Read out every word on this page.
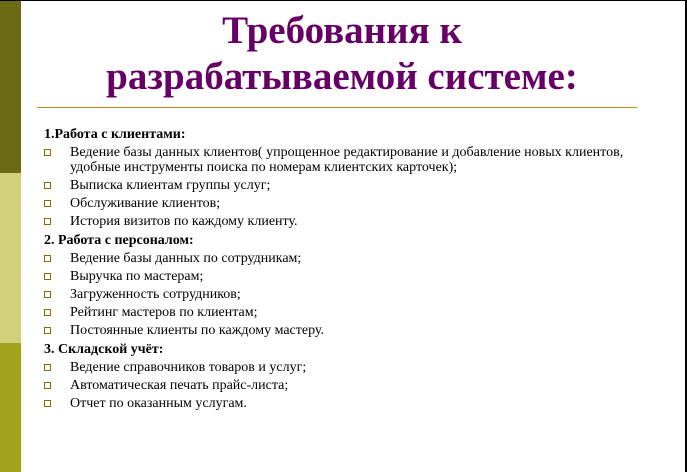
Требования к
разрабатываемой системе:

1.Работа с клиентами:

Ведение базы данных клиентов( упрощенное редактирование и добавление новых клиентов, удобные инструменты поиска по номерам клиентских карточек);
Выписка клиентам группы услуг;
Обслуживание клиентов;
История визитов по каждому клиенту.

2. Работа с персоналом:

Ведение базы данных по сотрудникам;
Выручка по мастерам;
Загруженность сотрудников;
Рейтинг мастеров по клиентам;
Постоянные клиенты по каждому мастеру.

3. Складской учёт:

Ведение справочников товаров и услуг;
Автоматическая печать прайс-листа;
Отчет по оказанным услугам.
